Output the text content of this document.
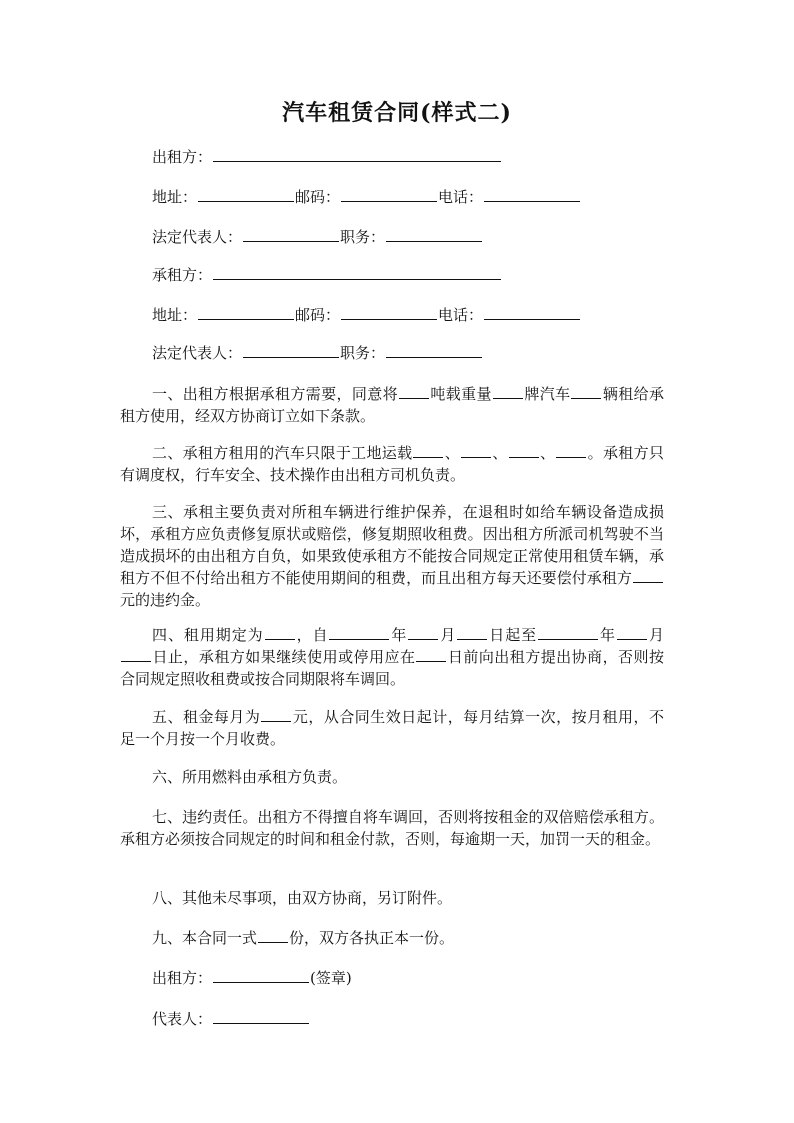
汽车租赁合同(样式二)
出租方：
地址：	邮码：	电话：
法定代表人：	职务：
承租方：
地址：	邮码：	电话：
法定代表人：	职务：
一、出租方根据承租方需要，同意将 吨载重量 牌汽车 辆租给承租方使用，经双方协商订立如下条款。
二、承租方租用的汽车只限于工地运载 、 、 、 。承租方只有调度权，行车安全、技术操作由出租方司机负责。
三、承租主要负责对所租车辆进行维护保养，在退租时如给车辆设备造成损坏，承租方应负责修复原状或赔偿，修复期照收租费。因出租方所派司机驾驶不当造成损坏的由出租方自负，如果致使承租方不能按合同规定正常使用租赁车辆，承租方不但不付给出租方不能使用期间的租费，而且出租方每天还要偿付承租方元的违约金。
四、租用期定为 ，自	年 月 日起至	年 月日止，承租方如果继续使用或停用应在 日前向出租方提出协商，否则按合同规定照收租费或按合同期限将车调回。
五、租金每月为 元，从合同生效日起计，每月结算一次，按月租用，不足一个月按一个月收费。
六、所用燃料由承租方负责。
七、违约责任。出租方不得擅自将车调回，否则将按租金的双倍赔偿承租方。承租方必须按合同规定的时间和租金付款，否则，每逾期一天，加罚一天的租金。
八、其他未尽事项，由双方协商，另订附件。
九、本合同一式 份，双方各执正本一份。
出租方：	(签章)
代表人：
